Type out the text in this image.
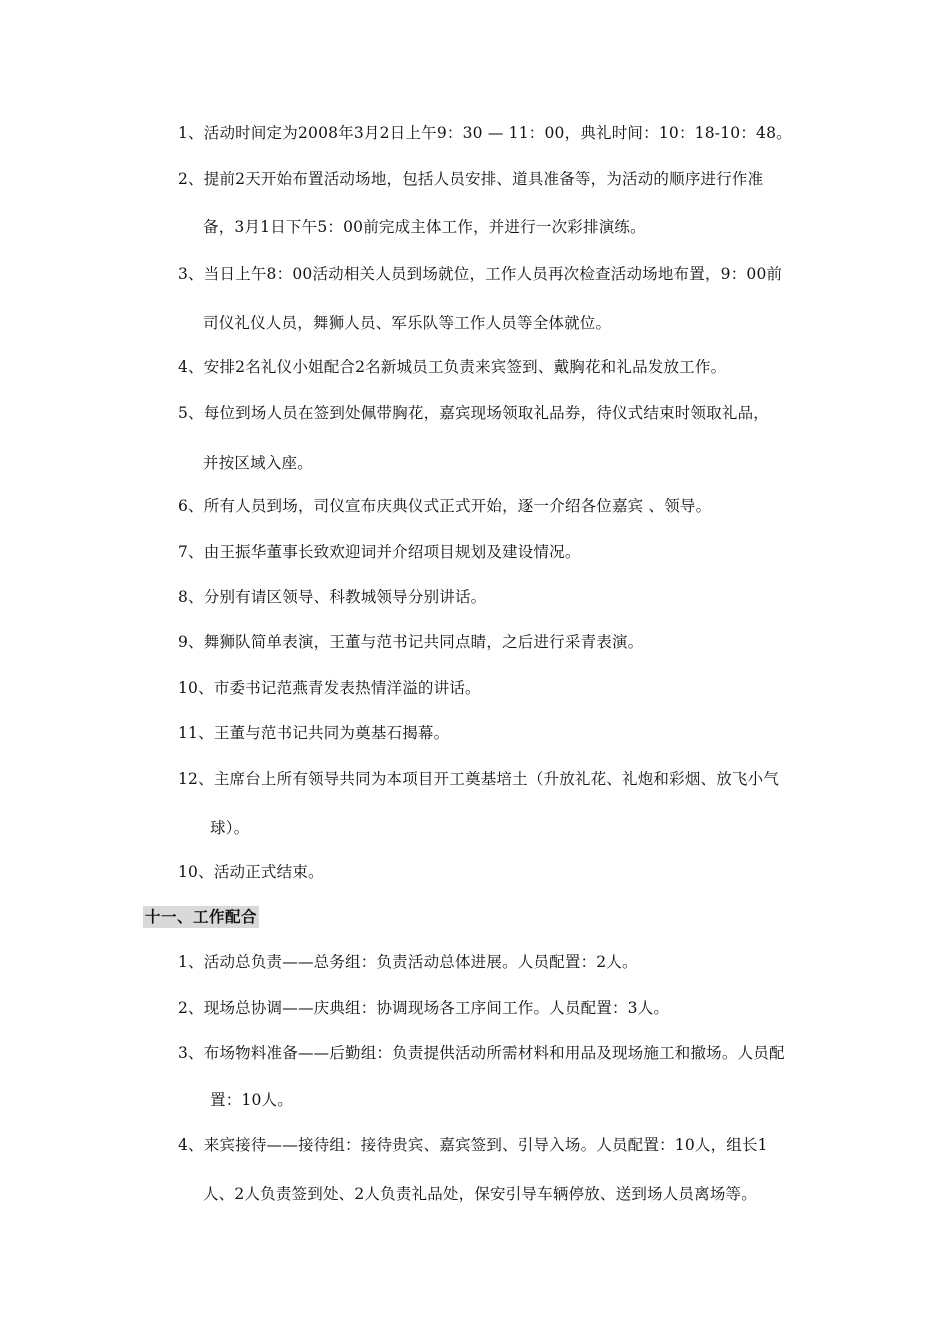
1、活动时间定为2008年3月2日上午9：30 — 11：00，典礼时间：10：18-10：48。
2、提前2天开始布置活动场地，包括人员安排、道具准备等，为活动的顺序进行作准
备，3月1日下午5：00前完成主体工作，并进行一次彩排演练。
3、当日上午8：00活动相关人员到场就位，工作人员再次检查活动场地布置，9：00前
司仪礼仪人员，舞狮人员、军乐队等工作人员等全体就位。
4、安排2名礼仪小姐配合2名新城员工负责来宾签到、戴胸花和礼品发放工作。
5、每位到场人员在签到处佩带胸花，嘉宾现场领取礼品券，待仪式结束时领取礼品，
并按区域入座。
6、所有人员到场，司仪宣布庆典仪式正式开始，逐一介绍各位嘉宾 、领导。
7、由王振华董事长致欢迎词并介绍项目规划及建设情况。
8、分别有请区领导、科教城领导分别讲话。
9、舞狮队简单表演，王董与范书记共同点睛，之后进行采青表演。
10、市委书记范燕青发表热情洋溢的讲话。
11、王董与范书记共同为奠基石揭幕。
12、主席台上所有领导共同为本项目开工奠基培土（升放礼花、礼炮和彩烟、放飞小气
球）。
10、活动正式结束。
十一、工作配合
1、活动总负责——总务组：负责活动总体进展。人员配置：2人。
2、现场总协调——庆典组：协调现场各工序间工作。人员配置：3人。
3、布场物料准备——后勤组：负责提供活动所需材料和用品及现场施工和撤场。人员配
置：10人。
4、来宾接待——接待组：接待贵宾、嘉宾签到、引导入场。人员配置：10人，组长1
人、2人负责签到处、2人负责礼品处，保安引导车辆停放、送到场人员离场等。
